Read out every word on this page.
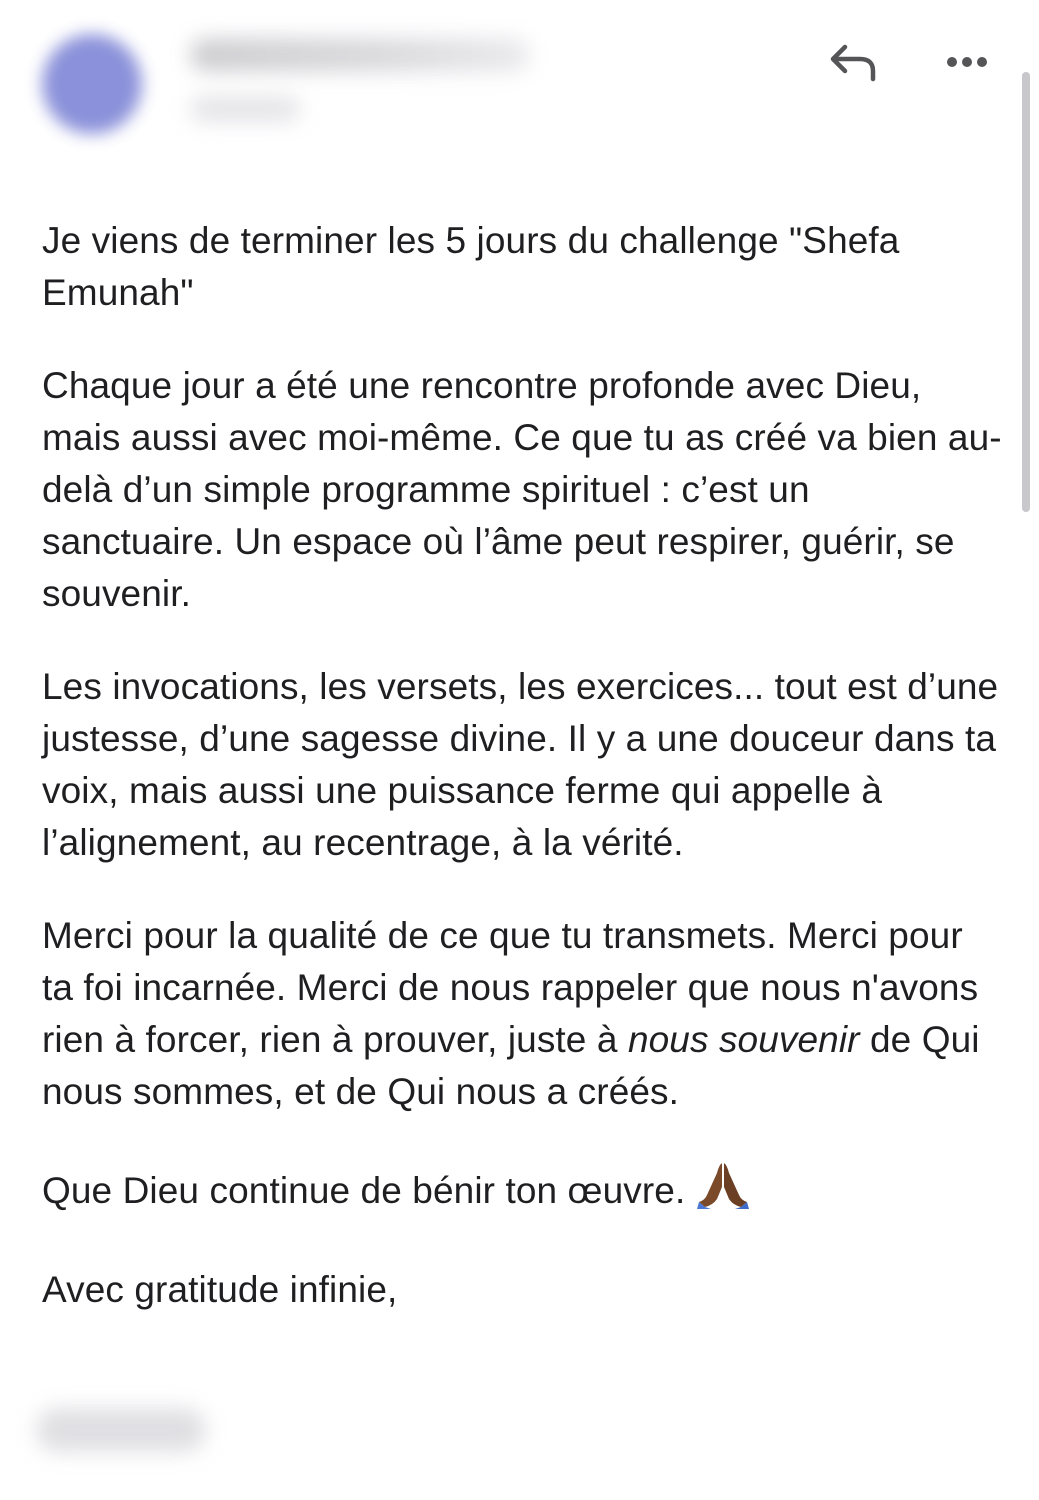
Je viens de terminer les 5 jours du challenge "Shefa Emunah"

Chaque jour a été une rencontre profonde avec Dieu, mais aussi avec moi-même. Ce que tu as créé va bien au-delà d’un simple programme spirituel : c’est un sanctuaire. Un espace où l’âme peut respirer, guérir, se souvenir.

Les invocations, les versets, les exercices... tout est d’une justesse, d’une sagesse divine. Il y a une douceur dans ta voix, mais aussi une puissance ferme qui appelle à l’alignement, au recentrage, à la vérité.

Merci pour la qualité de ce que tu transmets. Merci pour ta foi incarnée. Merci de nous rappeler que nous n'avons rien à forcer, rien à prouver, juste à nous souvenir de Qui nous sommes, et de Qui nous a créés.

Que Dieu continue de bénir ton œuvre.

Avec gratitude infinie,
